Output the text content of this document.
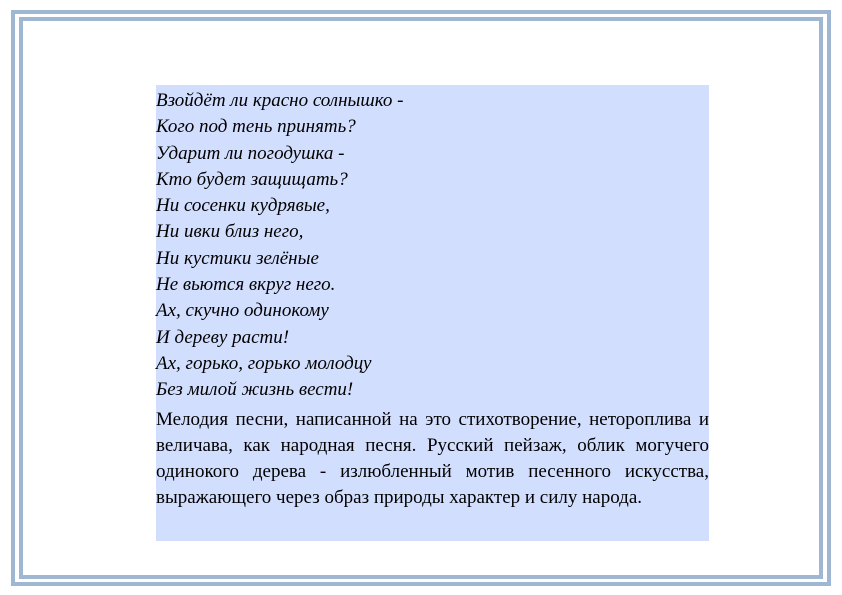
Взойдёт ли красно солнышко -
Кого под тень принять?
Ударит ли погодушка -
Кто будет защищать?
Ни сосенки кудрявые,
Ни ивки близ него,
Ни кустики зелёные
Не вьются вкруг него.
Ах, скучно одинокому
И дереву расти!
Ах, горько, горько молодцу
Без милой жизнь вести!

Мелодия песни, написанной на это стихотворение, нетороплива и величава, как народная песня. Русский пейзаж, облик могучего одинокого дерева - излюбленный мотив песенного искусства, выражающего через образ природы характер и силу народа.
